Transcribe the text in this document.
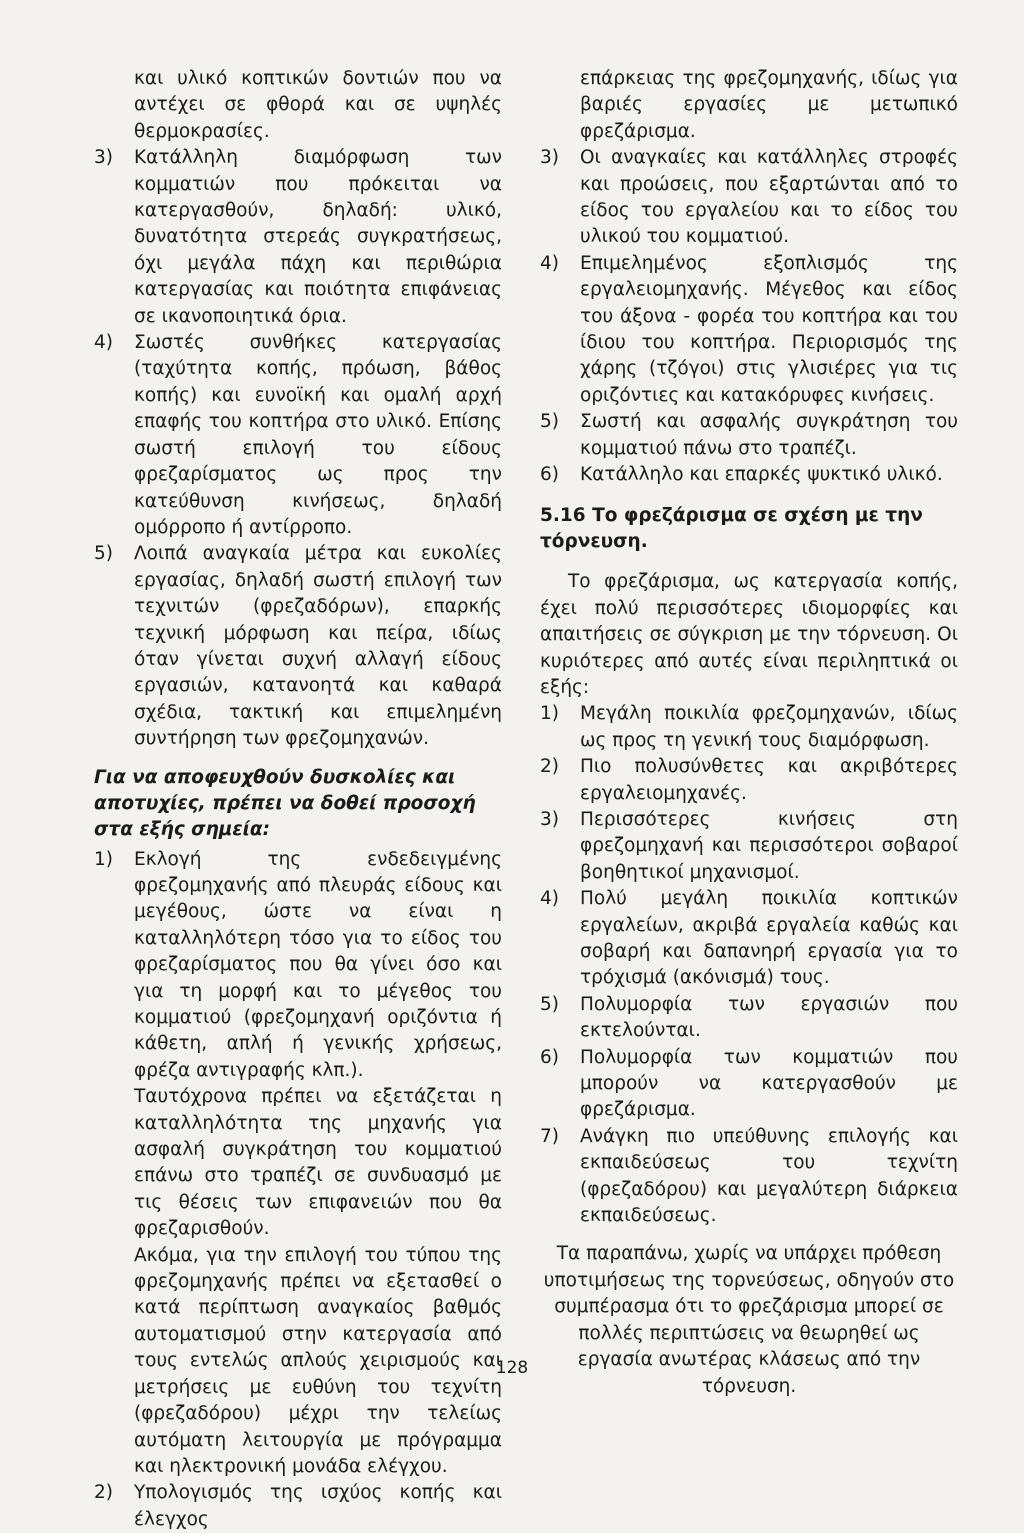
και υλικό κοπτικών δοντιών που να αντέχει σε φθορά και σε υψηλές θερμοκρασίες.

3) Κατάλληλη διαμόρφωση των κομματιών που πρόκειται να κατεργασθούν, δηλαδή: υλικό, δυνατότητα στερεάς συγκρατήσεως, όχι μεγάλα πάχη και περιθώρια κατεργασίας και ποιότητα επιφάνειας σε ικανοποιητικά όρια.

4) Σωστές συνθήκες κατεργασίας (ταχύτητα κοπής, πρόωση, βάθος κοπής) και ευνοϊκή και ομαλή αρχή επαφής του κοπτήρα στο υλικό. Επίσης σωστή επιλογή του είδους φρεζαρίσματος ως προς την κατεύθυνση κινήσεως, δηλαδή ομόρροπο ή αντίρροπο.

5) Λοιπά αναγκαία μέτρα και ευκολίες εργασίας, δηλαδή σωστή επιλογή των τεχνιτών (φρεζαδόρων), επαρκής τεχνική μόρφωση και πείρα, ιδίως όταν γίνεται συχνή αλλαγή είδους εργασιών, κατανοητά και καθαρά σχέδια, τακτική και επιμελημένη συντήρηση των φρεζομηχανών.

Για να αποφευχθούν δυσκολίες και αποτυχίες, πρέπει να δοθεί προσοχή στα εξής σημεία:

1) Εκλογή της ενδεδειγμένης φρεζομηχανής από πλευράς είδους και μεγέθους, ώστε να είναι η καταλληλότερη τόσο για το είδος του φρεζαρίσματος που θα γίνει όσο και για τη μορφή και το μέγεθος του κομματιού (φρεζομηχανή οριζόντια ή κάθετη, απλή ή γενικής χρήσεως, φρέζα αντιγραφής κλπ.).

Ταυτόχρονα πρέπει να εξετάζεται η καταλληλότητα της μηχανής για ασφαλή συγκράτηση του κομματιού επάνω στο τραπέζι σε συνδυασμό με τις θέσεις των επιφανειών που θα φρεζαρισθούν.

Ακόμα, για την επιλογή του τύπου της φρεζομηχανής πρέπει να εξετασθεί ο κατά περίπτωση αναγκαίος βαθμός αυτοματισμού στην κατεργασία από τους εντελώς απλούς χειρισμούς και μετρήσεις με ευθύνη του τεχνίτη (φρεζαδόρου) μέχρι την τελείως αυτόματη λειτουργία με πρόγραμμα και ηλεκτρονική μονάδα ελέγχου.

2) Υπολογισμός της ισχύος κοπής και έλεγχος

επάρκειας της φρεζομηχανής, ιδίως για βαριές εργασίες με μετωπικό φρεζάρισμα.

3) Οι αναγκαίες και κατάλληλες στροφές και προώσεις, που εξαρτώνται από το είδος του εργαλείου και το είδος του υλικού του κομματιού.

4) Επιμελημένος εξοπλισμός της εργαλειομηχανής. Μέγεθος και είδος του άξονα - φορέα του κοπτήρα και του ίδιου του κοπτήρα. Περιορισμός της χάρης (τζόγοι) στις γλισιέρες για τις οριζόντιες και κατακόρυφες κινήσεις.

5) Σωστή και ασφαλής συγκράτηση του κομματιού πάνω στο τραπέζι.

6) Κατάλληλο και επαρκές ψυκτικό υλικό.

5.16 Το φρεζάρισμα σε σχέση με την τόρνευση.

Το φρεζάρισμα, ως κατεργασία κοπής, έχει πολύ περισσότερες ιδιομορφίες και απαιτήσεις σε σύγκριση με την τόρνευση. Οι κυριότερες από αυτές είναι περιληπτικά οι εξής:

1) Μεγάλη ποικιλία φρεζομηχανών, ιδίως ως προς τη γενική τους διαμόρφωση.

2) Πιο πολυσύνθετες και ακριβότερες εργαλειομηχανές.

3) Περισσότερες κινήσεις στη φρεζομηχανή και περισσότεροι σοβαροί βοηθητικοί μηχανισμοί.

4) Πολύ μεγάλη ποικιλία κοπτικών εργαλείων, ακριβά εργαλεία καθώς και σοβαρή και δαπανηρή εργασία για το τρόχισμά (ακόνισμά) τους.

5) Πολυμορφία των εργασιών που εκτελούνται.

6) Πολυμορφία των κομματιών που μπορούν να κατεργασθούν με φρεζάρισμα.

7) Ανάγκη πιο υπεύθυνης επιλογής και εκπαιδεύσεως του τεχνίτη (φρεζαδόρου) και μεγαλύτερη διάρκεια εκπαιδεύσεως.

Τα παραπάνω, χωρίς να υπάρχει πρόθεση υποτιμήσεως της τορνεύσεως, οδηγούν στο συμπέρασμα ότι το φρεζάρισμα μπορεί σε πολλές περιπτώσεις να θεωρηθεί ως εργασία ανωτέρας κλάσεως από την τόρνευση.

128
